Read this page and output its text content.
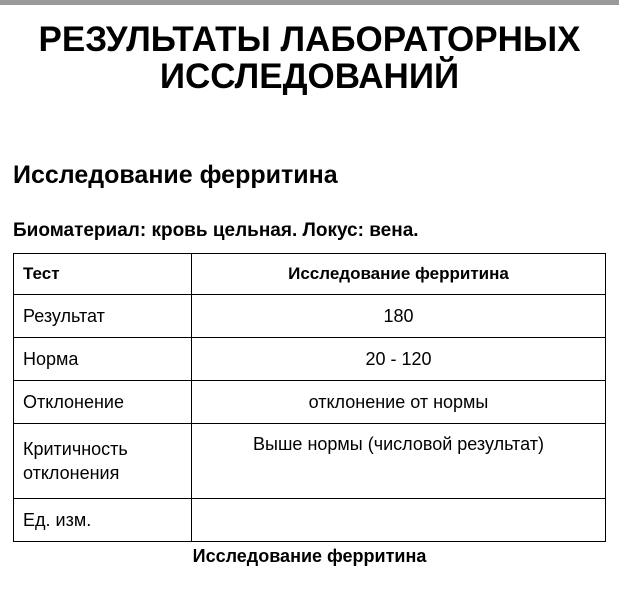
РЕЗУЛЬТАТЫ ЛАБОРАТОРНЫХ ИССЛЕДОВАНИЙ
Исследование ферритина

Биоматериал: кровь цельная. Локус: вена.

Тест	Исследование ферритина
Результат	180
Норма	20 - 120
Отклонение	отклонение от нормы
Критичность отклонения	Выше нормы (числовой результат)
Ед. изм.	

Исследование ферритина
